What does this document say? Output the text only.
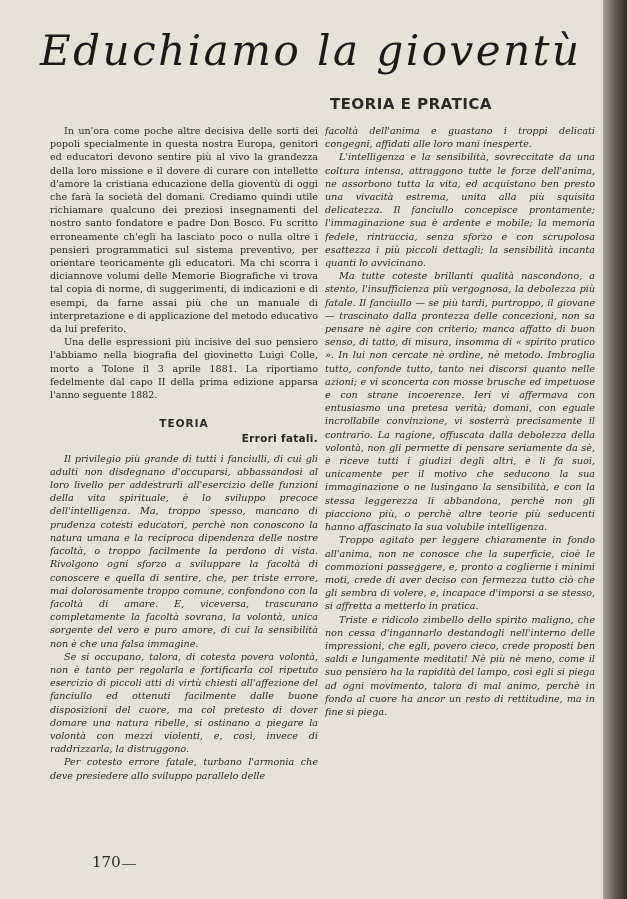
Educhiamo la gioventù
TEORIA E PRATICA

In un'ora come poche altre decisiva delle sorti dei popoli specialmente in questa nostra Europa, genitori ed educatori devono sentire più al vivo la grandezza della loro missione e il dovere di curare con intelletto d'amore la cristiana educazione della gioventù di oggi che farà la società del domani. Crediamo quindi utile richiamare qualcuno dei preziosi insegnamenti del nostro santo fondatore e padre Don Bosco. Fu scritto erroneamente ch'egli ha lasciato poco o nulla oltre i pensieri programmatici sul sistema preventivo, per orientare teoricamente gli educatori. Ma chi scorra i diciannove volumi delle Memorie Biografiche vi trova tal copia di norme, di suggerimenti, di indicazioni e di esempi, da farne assai più che un manuale di interpretazione e di applicazione del metodo educativo da lui preferito.

Una delle espressioni più incisive del suo pensiero l'abbiamo nella biografia del giovinetto Luigi Colle, morto a Tolone il 3 aprile 1881. La riportiamo fedelmente dal capo II della prima edizione apparsa l'anno seguente 1882.

TEORIA
Errori fatali.

Il privilegio più grande di tutti i fanciulli, di cui gli adulti non disdegnano d'occuparsi, abbassandosi al loro livello per addestrarli all'esercizio delle funzioni della vita spirituale, è lo sviluppo precoce dell'intelligenza. Ma, troppo spesso, mancano di prudenza cotesti educatori, perchè non conoscono la natura umana e la reciproca dipendenza delle nostre facoltà, o troppo facilmente la perdono di vista. Rivolgono ogni sforzo a sviluppare la facoltà di conoscere e quella di sentire, che, per triste errore, mai dolorosamente troppo comune, confondono con la facoltà di amare. E, viceversa, trascurano completamente la facoltà sovrana, la volontà, unica sorgente del vero e puro amore, di cui la sensibilità non è che una falsa immagine.

Se si occupano, talora, di cotesta povera volontà, non è tanto per regolarla e fortificarla col ripetuto esercizio di piccoli atti di virtù chiesti all'affezione del fanciullo ed ottenuti facilmente dalle buone disposizioni del cuore, ma col pretesto di dover domare una natura ribelle, si ostinano a piegare la volontà con mezzi violenti, e, così, invece di raddrizzarla, la distruggono.

Per cotesto errore fatale, turbano l'armonia che deve presiedere allo sviluppo parallelo delle

facoltà dell'anima e guastano i troppi delicati congegni, affidati alle loro mani inesperte.

L'intelligenza e la sensibilità, sovreccitate da una coltura intensa, attraggono tutte le forze dell'anima, ne assorbono tutta la vita, ed acquistano ben presto una vivacità estrema, unita alla più squisita delicatezza. Il fanciullo concepisce prontamente; l'immaginazione sua è ardente e mobile; la memoria fedele, rintraccia, senza sforzo e con scrupolosa esattezza i più piccoli dettagli; la sensibilità incanta quanti lo avvicinano.

Ma tutte coteste brillanti qualità nascondono, a stento, l'insufficienza più vergognosa, la debolezza più fatale. Il fanciullo — se più tardi, purtroppo, il giovane — trascinato dalla prontezza delle concezioni, non sa pensare nè agire con criterio; manca affatto di buon senso, di tatto, di misura, insomma di « spirito pratico ». In lui non cercate nè ordine, nè metodo. Imbroglia tutto, confonde tutto, tanto nei discorsi quanto nelle azioni; e vi sconcerta con mosse brusche ed impetuose e con strane incoerenze. Ieri vi affermava con entusiasmo una pretesa verità; domani, con eguale incrollabile convinzione, vi sosterrà precisamente il contrario. La ragione, offuscata dalla debolezza della volontà, non gli permette di pensare seriamente da sè, e riceve tutti i giudizi degli altri, e li fa suoi, unicamente per il motivo che seducono la sua immaginazione o ne lusingano la sensibilità, e con la stessa leggerezza li abbandona, perchè non gli piacciono più, o perchè altre teorie più seducenti hanno affascinato la sua volubile intelligenza.

Troppo agitato per leggere chiaramente in fondo all'anima, non ne conosce che la superficie, cioè le commozioni passeggere, e, pronto a coglierne i minimi moti, crede di aver deciso con fermezza tutto ciò che gli sembra di volere, e, incapace d'imporsi a se stesso, si affretta a metterlo in pratica.

Triste e ridicolo zimbello dello spirito maligno, che non cessa d'ingannarlo destandogli nell'interno delle impressioni, che egli, povero cieco, crede proposti ben saldi e lungamente meditati! Nè più nè meno, come il suo pensiero ha la rapidità del lampo, così egli si piega ad ogni movimento, talora di mal animo, perchè in fondo al cuore ha ancor un resto di rettitudine, ma in fine si piega.

170
